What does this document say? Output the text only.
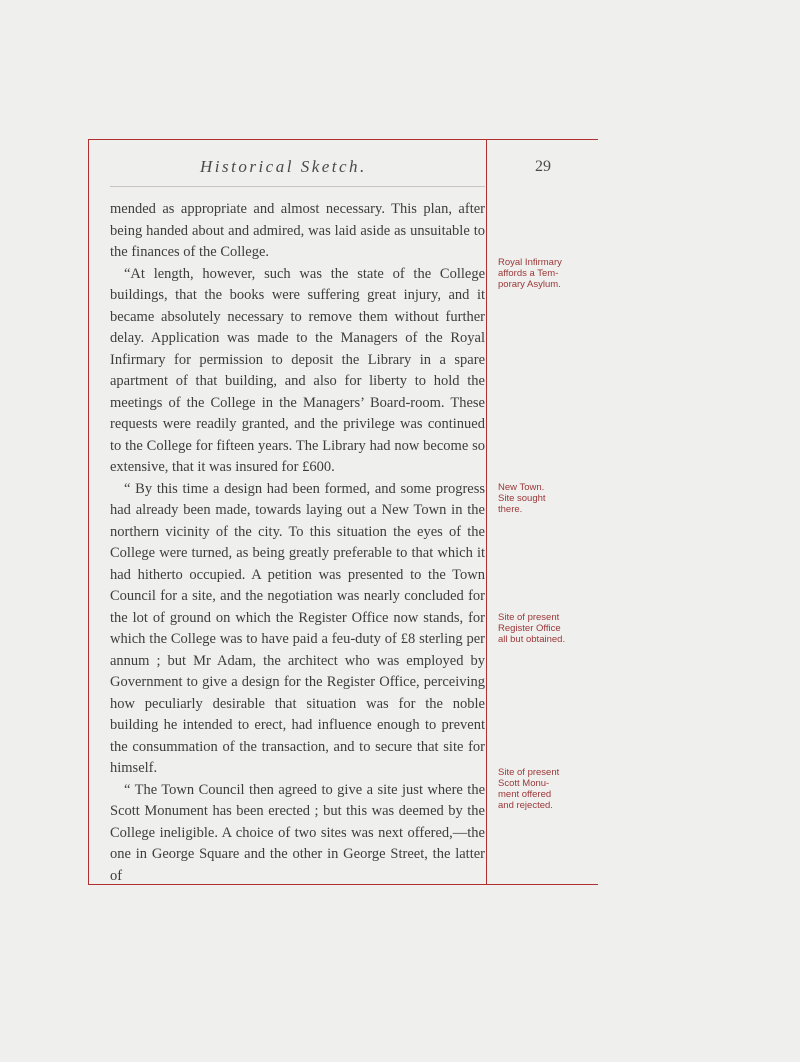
Historical Sketch.	29

mended as appropriate and almost necessary. This plan, after being handed about and admired, was laid aside as unsuitable to the finances of the College.

“At length, however, such was the state of the College buildings, that the books were suffering great injury, and it became absolutely necessary to remove them without further delay. Application was made to the Managers of the Royal Infirmary for permission to deposit the Library in a spare apartment of that building, and also for liberty to hold the meetings of the College in the Managers’ Board-room. These requests were readily granted, and the privilege was continued to the College for fifteen years. The Library had now become so extensive, that it was insured for £600.

“ By this time a design had been formed, and some progress had already been made, towards laying out a New Town in the northern vicinity of the city. To this situation the eyes of the College were turned, as being greatly preferable to that which it had hitherto occupied. A petition was presented to the Town Council for a site, and the negotiation was nearly concluded for the lot of ground on which the Register Office now stands, for which the College was to have paid a feu-duty of £8 sterling per annum ; but Mr Adam, the architect who was employed by Government to give a design for the Register Office, perceiving how peculiarly desirable that situation was for the noble building he intended to erect, had influence enough to prevent the consummation of the transaction, and to secure that site for himself.

“ The Town Council then agreed to give a site just where the Scott Monument has been erected ; but this was deemed by the College ineligible. A choice of two sites was next offered,—the one in George Square and the other in George Street, the latter of

Royal Infirmary
affords a Tem-
porary Asylum.
New Town.
Site sought
there.
Site of present
Register Office
all but obtained.
Site of present
Scott Monu-
ment offered
and rejected.
